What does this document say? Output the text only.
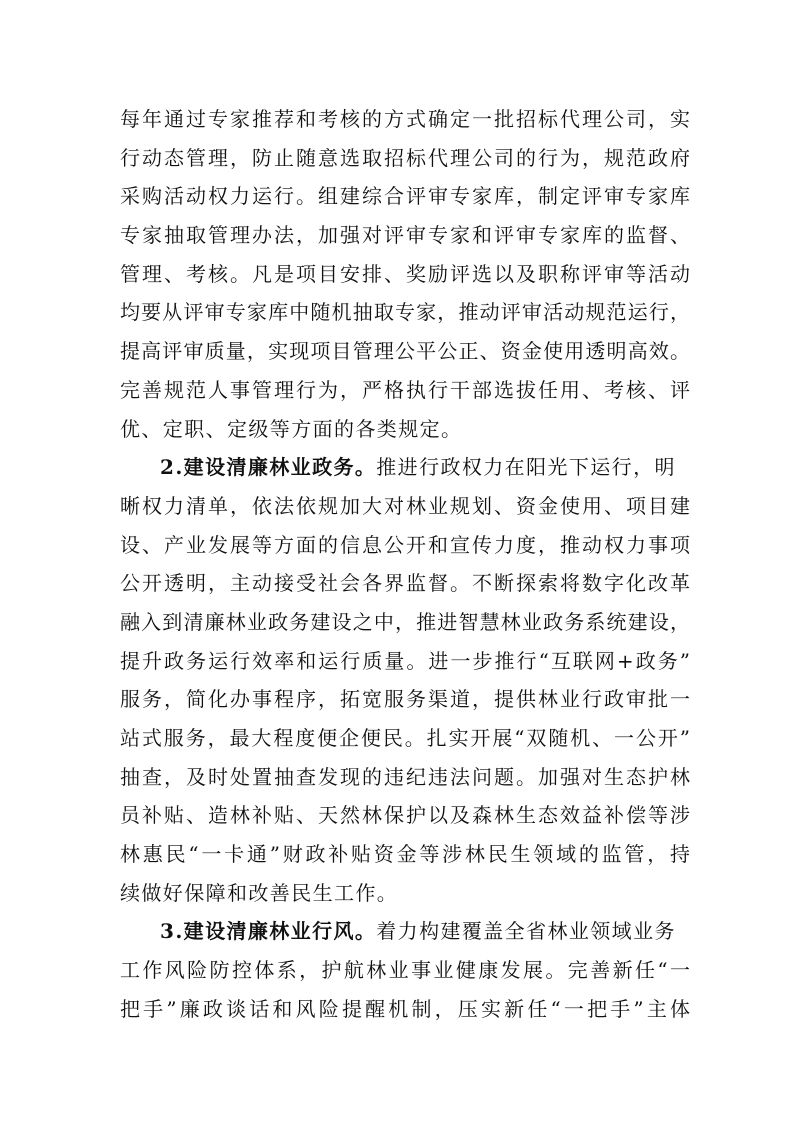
每年通过专家推荐和考核的方式确定一批招标代理公司，实
行动态管理，防止随意选取招标代理公司的行为，规范政府
采购活动权力运行。组建综合评审专家库，制定评审专家库
专家抽取管理办法，加强对评审专家和评审专家库的监督、
管理、考核。凡是项目安排、奖励评选以及职称评审等活动
均要从评审专家库中随机抽取专家，推动评审活动规范运行，
提高评审质量，实现项目管理公平公正、资金使用透明高效。
完善规范人事管理行为，严格执行干部选拔任用、考核、评
优、定职、定级等方面的各类规定。
2.建设清廉林业政务。推进行政权力在阳光下运行，明
晰权力清单，依法依规加大对林业规划、资金使用、项目建
设、产业发展等方面的信息公开和宣传力度，推动权力事项
公开透明，主动接受社会各界监督。不断探索将数字化改革
融入到清廉林业政务建设之中，推进智慧林业政务系统建设，
提升政务运行效率和运行质量。进一步推行“互联网+政务”
服务，简化办事程序，拓宽服务渠道，提供林业行政审批一
站式服务，最大程度便企便民。扎实开展“双随机、一公开”
抽查，及时处置抽查发现的违纪违法问题。加强对生态护林
员补贴、造林补贴、天然林保护以及森林生态效益补偿等涉
林惠民“一卡通”财政补贴资金等涉林民生领域的监管，持
续做好保障和改善民生工作。
3.建设清廉林业行风。着力构建覆盖全省林业领域业务
工作风险防控体系，护航林业事业健康发展。完善新任“一
把手”廉政谈话和风险提醒机制，压实新任“一把手”主体
